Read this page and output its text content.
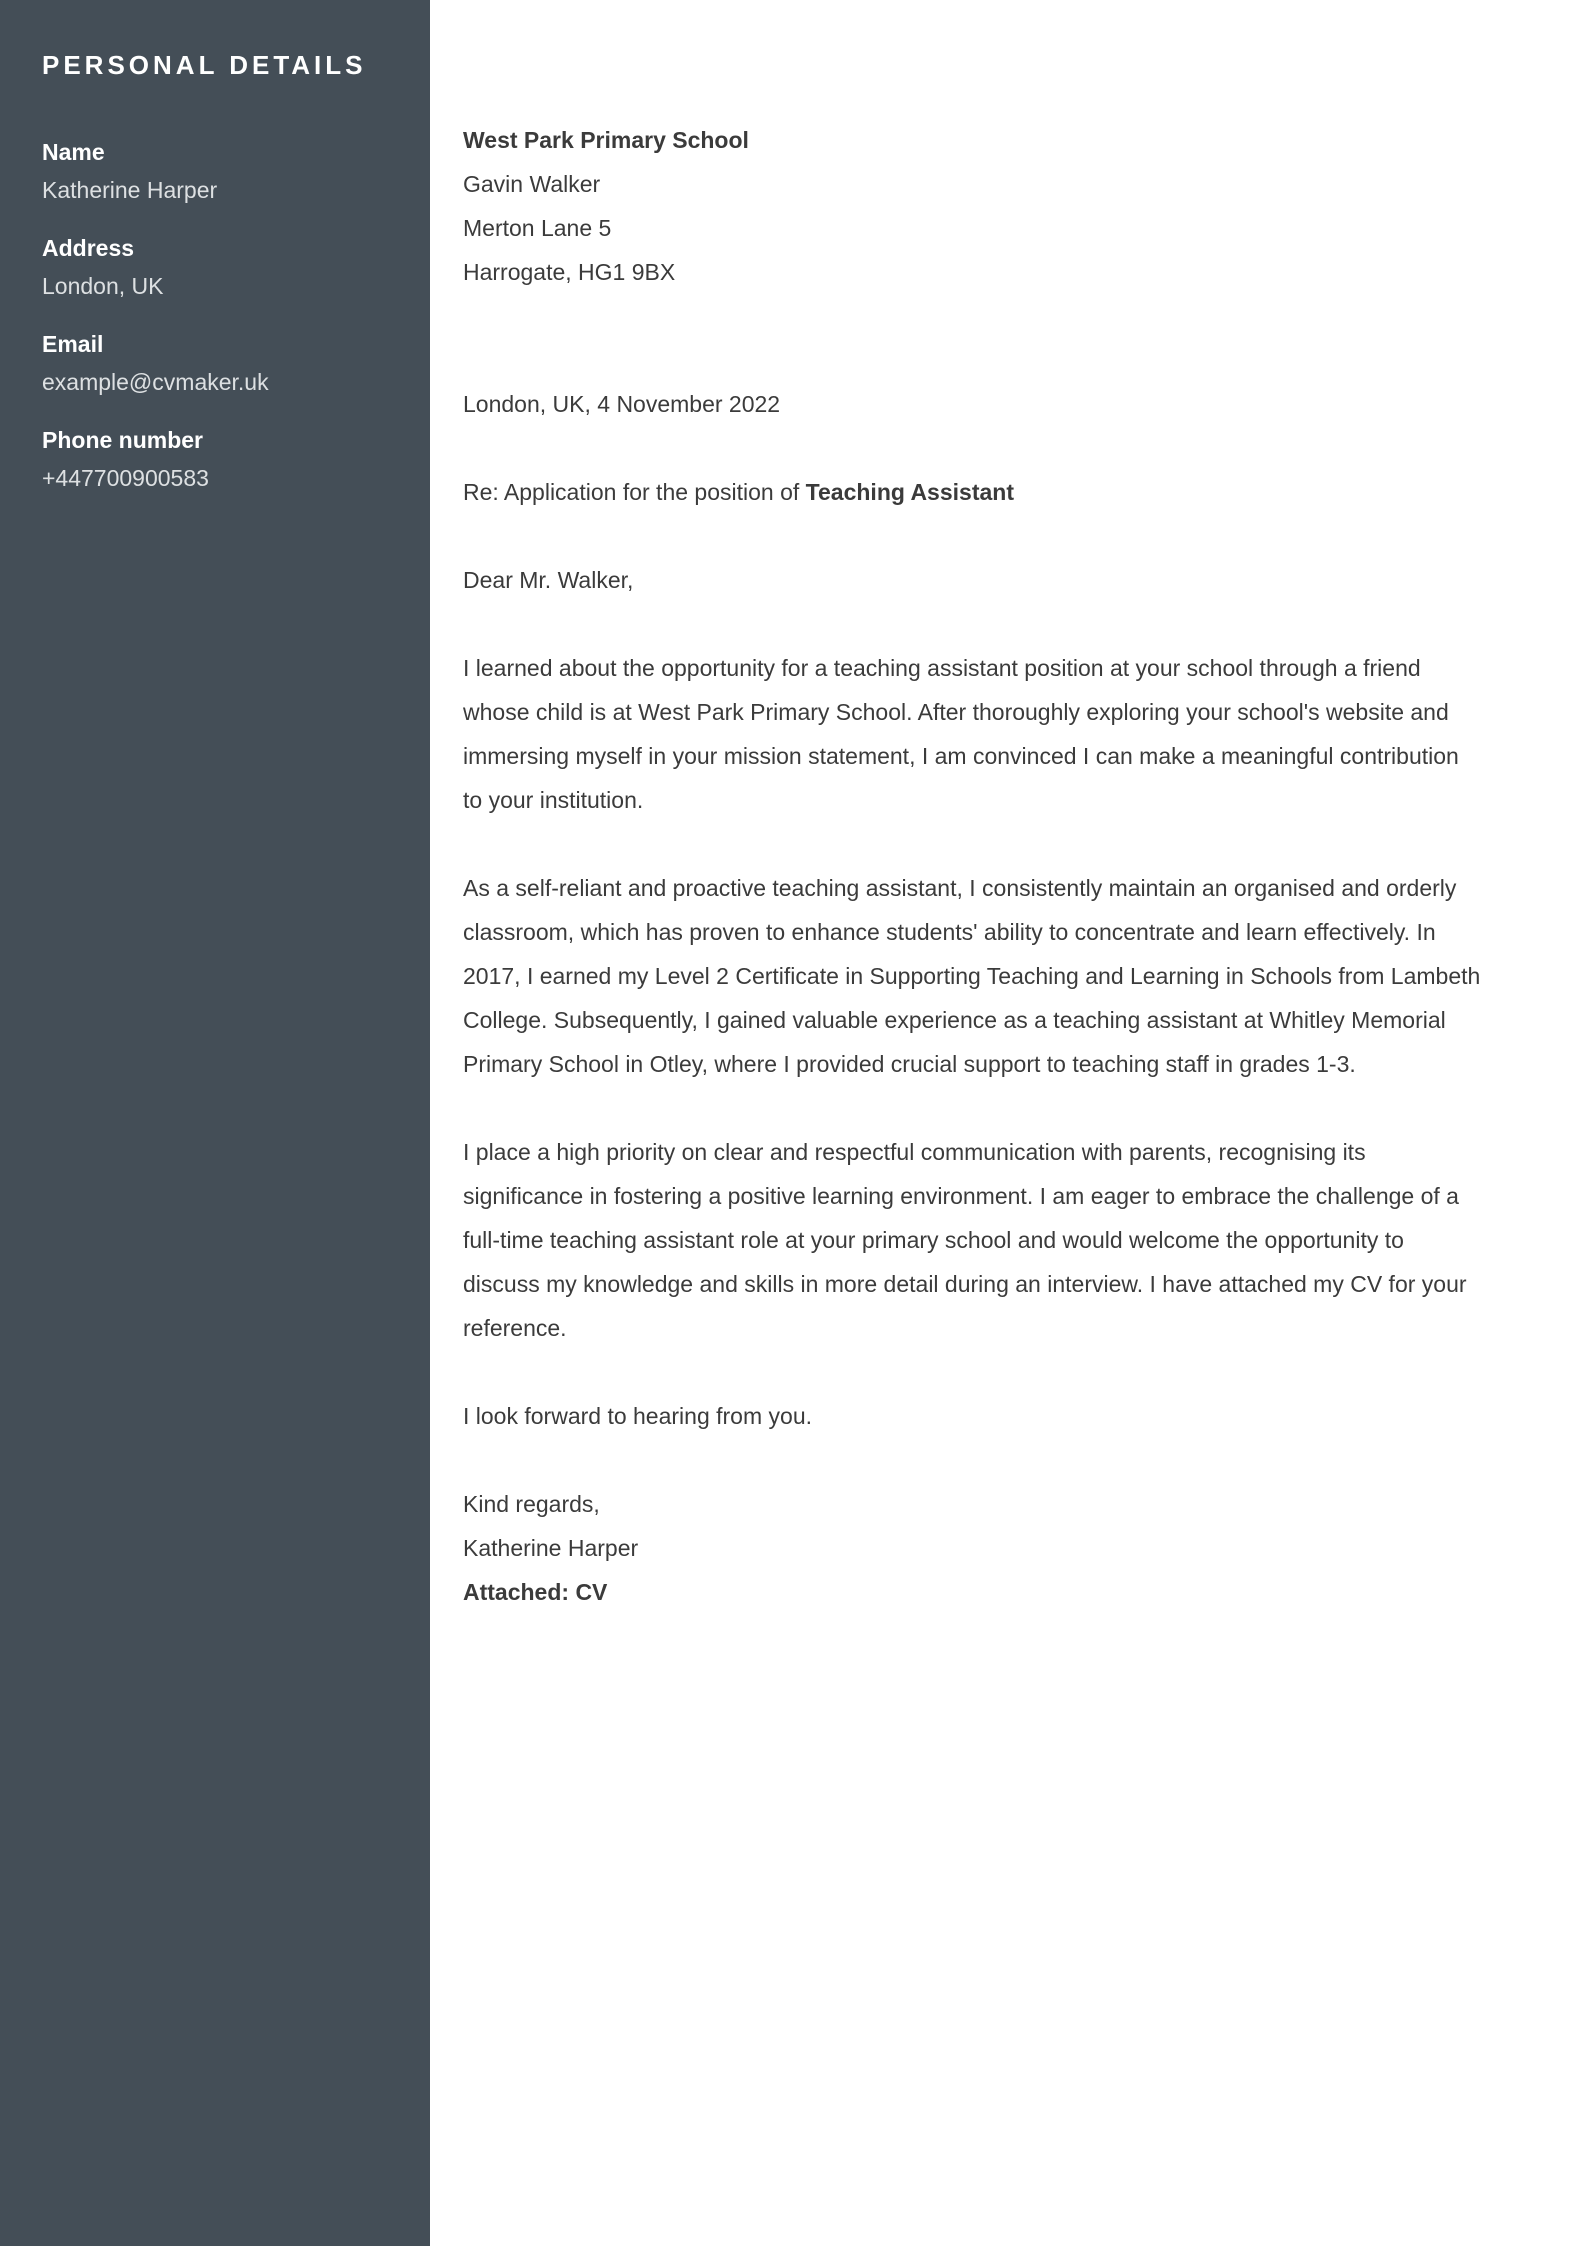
PERSONAL DETAILS
Name
Katherine Harper
Address
London, UK
Email
example@cvmaker.uk
Phone number
+447700900583
West Park Primary School
Gavin Walker
Merton Lane 5
Harrogate, HG1 9BX
London, UK, 4 November 2022
Re: Application for the position of Teaching Assistant
Dear Mr. Walker,

I learned about the opportunity for a teaching assistant position at your school through a friend whose child is at West Park Primary School. After thoroughly exploring your school's website and immersing myself in your mission statement, I am convinced I can make a meaningful contribution to your institution.

As a self-reliant and proactive teaching assistant, I consistently maintain an organised and orderly classroom, which has proven to enhance students' ability to concentrate and learn effectively. In 2017, I earned my Level 2 Certificate in Supporting Teaching and Learning in Schools from Lambeth College. Subsequently, I gained valuable experience as a teaching assistant at Whitley Memorial Primary School in Otley, where I provided crucial support to teaching staff in grades 1-3.

I place a high priority on clear and respectful communication with parents, recognising its significance in fostering a positive learning environment. I am eager to embrace the challenge of a full-time teaching assistant role at your primary school and would welcome the opportunity to discuss my knowledge and skills in more detail during an interview. I have attached my CV for your reference.

I look forward to hearing from you.

Kind regards,
Katherine Harper
Attached: CV
